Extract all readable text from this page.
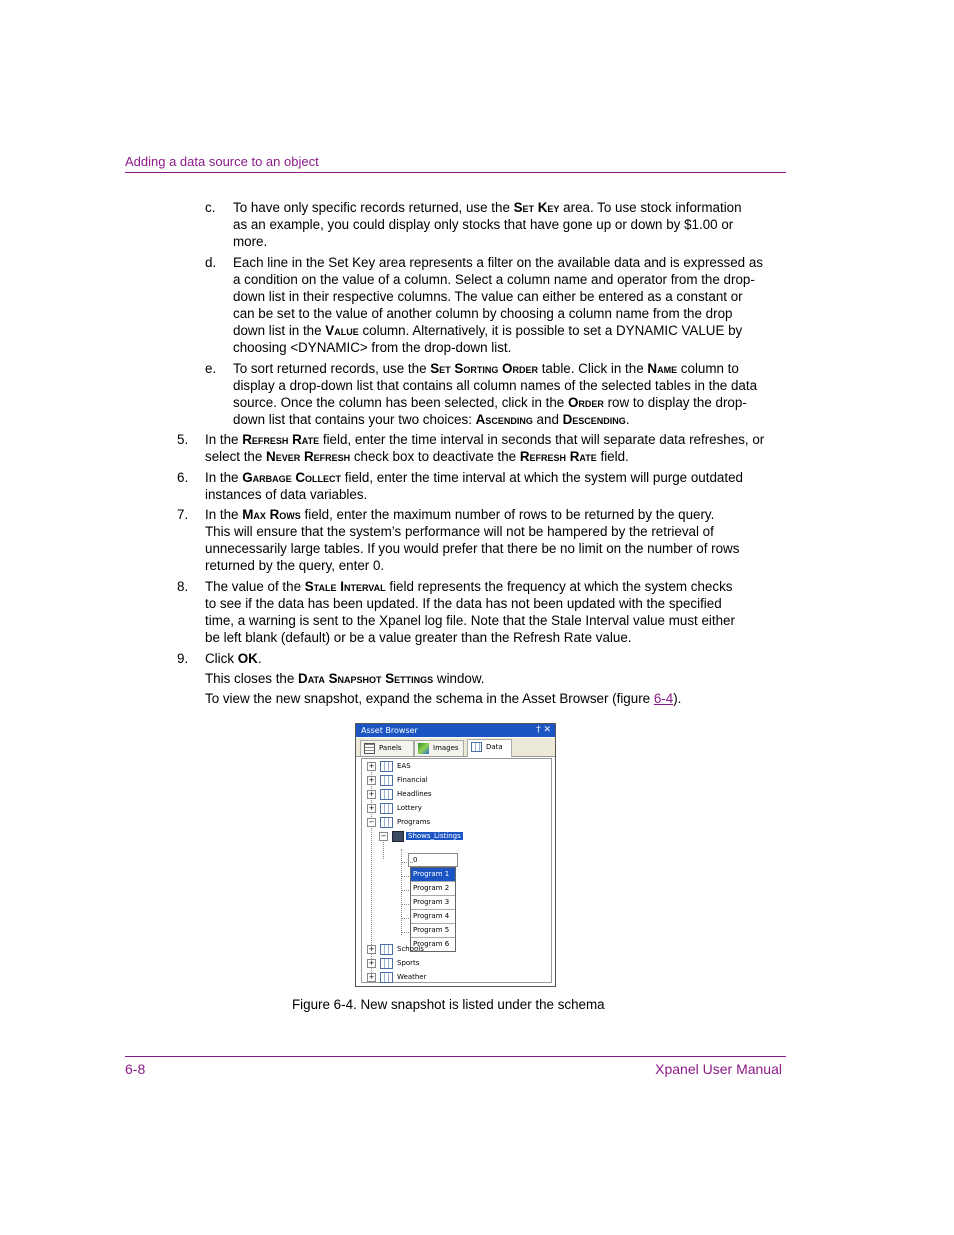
Adding a data source to an object
c. To have only specific records returned, use the Set Key area. To use stock information as an example, you could display only stocks that have gone up or down by $1.00 or more.
d. Each line in the Set Key area represents a filter on the available data and is expressed as a condition on the value of a column. Select a column name and operator from the drop-down list in their respective columns. The value can either be entered as a constant or can be set to the value of another column by choosing a column name from the drop down list in the Value column. Alternatively, it is possible to set a DYNAMIC VALUE by choosing <DYNAMIC> from the drop-down list.
e. To sort returned records, use the Set Sorting Order table. Click in the Name column to display a drop-down list that contains all column names of the selected tables in the data source. Once the column has been selected, click in the Order row to display the drop-down list that contains your two choices: Ascending and Descending.
5. In the Refresh Rate field, enter the time interval in seconds that will separate data refreshes, or select the Never Refresh check box to deactivate the Refresh Rate field.
6. In the Garbage Collect field, enter the time interval at which the system will purge outdated instances of data variables.
7. In the Max Rows field, enter the maximum number of rows to be returned by the query. This will ensure that the system’s performance will not be hampered by the retrieval of unnecessarily large tables. If you would prefer that there be no limit on the number of rows returned by the query, enter 0.
8. The value of the Stale Interval field represents the frequency at which the system checks to see if the data has been updated. If the data has not been updated with the specified time, a warning is sent to the Xpanel log file. Note that the Stale Interval value must either be left blank (default) or be a value greater than the Refresh Rate value.
9. Click OK.
This closes the Data Snapshot Settings window.
To view the new snapshot, expand the schema in the Asset Browser (figure 6-4).
Asset Browser	† ✕
Panels	Images	Data
+	EAS
+	Financial
+	Headlines
+	Lottery
−	Programs
−	Shows_Listings
0
Program 1
Program 2
Program 3
Program 4
Program 5
Program 6
+	Schools
+	Sports
+	Weather
Figure 6-4. New snapshot is listed under the schema
6-8	Xpanel User Manual
